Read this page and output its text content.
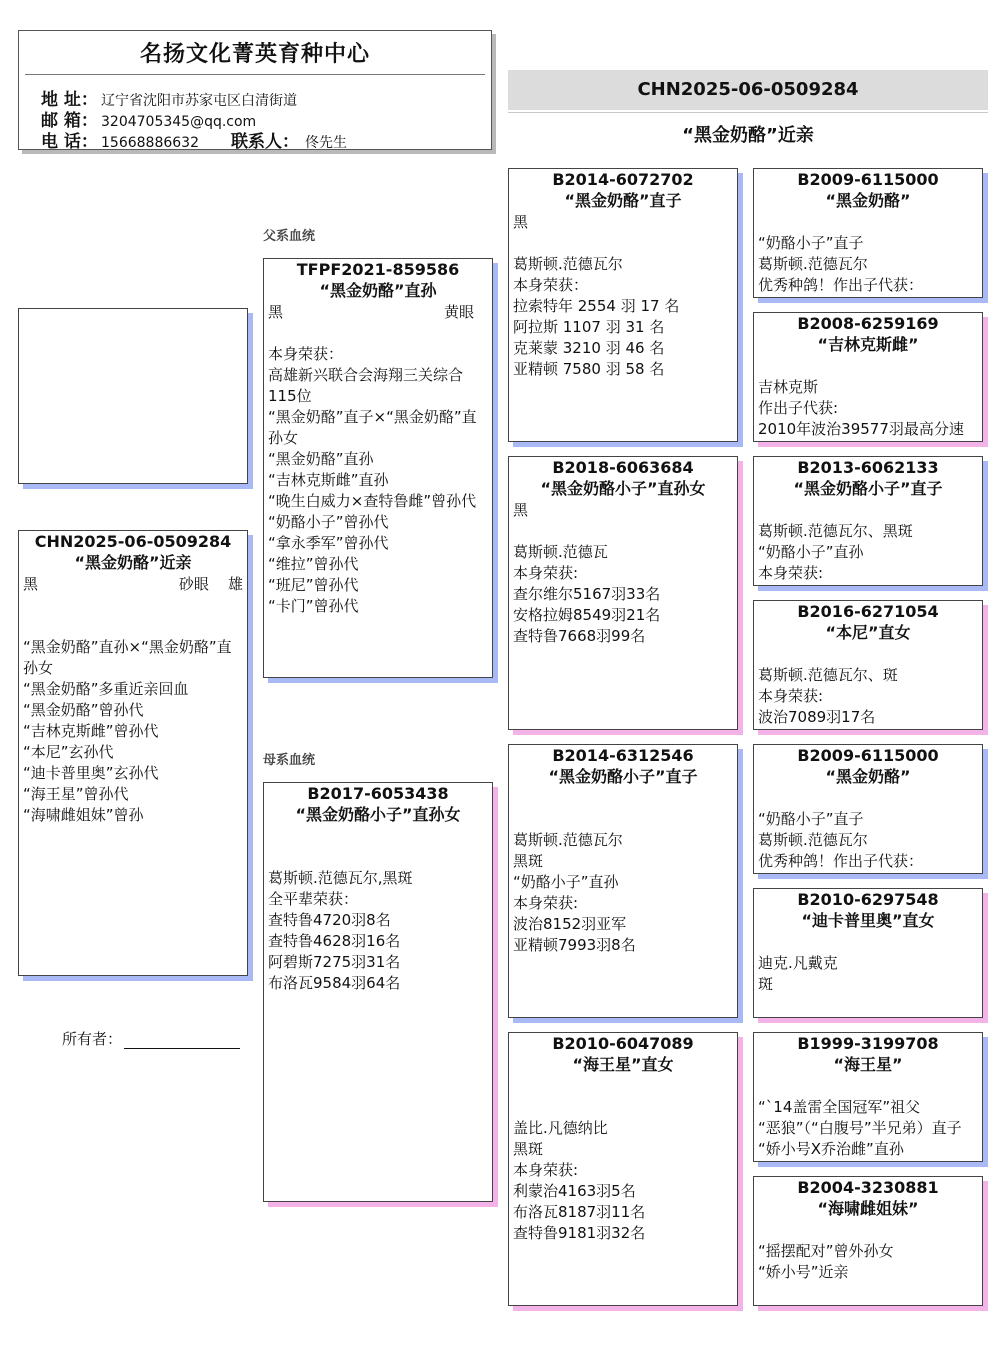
名扬文化菁英育种中心
地 址： 辽宁省沈阳市苏家屯区白清街道
邮 箱： 3204705345@qq.com
电 话： 15668886632 联系人： 佟先生
CHN2025-06-0509284
“黑金奶酪”近亲
CHN2025-06-0509284
“黑金奶酪”近亲
黑	砂眼 雄
“黑金奶酪”直孙×“黑金奶酪”直孙女
“黑金奶酪”多重近亲回血
“黑金奶酪”曾孙代
“吉林克斯雌”曾孙代
“本尼”玄孙代
“迪卡普里奥”玄孙代
“海王星”曾孙代
“海啸雌姐妹”曾孙
所有者：
父系血统
母系血统
TFPF2021-859586
“黑金奶酪”直孙
黑	黄眼
本身荣获：
高雄新兴联合会海翔三关综合115位
“黑金奶酪”直子×“黑金奶酪”直孙女
“黑金奶酪”直孙
“吉林克斯雌”直孙
“晚生白威力×查特鲁雌”曾孙代
“奶酪小子”曾孙代
“拿永季军”曾孙代
“维拉”曾孙代
“班尼”曾孙代
“卡门”曾孙代
B2017-6053438
“黑金奶酪小子”直孙女
葛斯顿.范德瓦尔,黑斑
全平辈荣获：
查特鲁4720羽8名
查特鲁4628羽16名
阿碧斯7275羽31名
布洛瓦9584羽64名
B2014-6072702
“黑金奶酪”直子
黑
葛斯顿.范德瓦尔
本身荣获：
拉索特年 2554 羽 17 名
阿拉斯 1107 羽 31 名
克莱蒙 3210 羽 46 名
亚精顿 7580 羽 58 名
B2018-6063684
“黑金奶酪小子”直孙女
黑
葛斯顿.范德瓦
本身荣获:
查尔维尔5167羽33名
安格拉姆8549羽21名
查特鲁7668羽99名
B2014-6312546
“黑金奶酪小子”直子
葛斯顿.范德瓦尔
黑斑
“奶酪小子”直孙
本身荣获:
波治8152羽亚军
亚精顿7993羽8名
B2010-6047089
“海王星”直女
盖比.凡德纳比
黑斑
本身荣获:
利蒙治4163羽5名
布洛瓦8187羽11名
查特鲁9181羽32名
B2009-6115000
“黑金奶酪”
“奶酪小子”直子
葛斯顿.范德瓦尔
优秀种鸽！作出子代获：
B2008-6259169
“吉林克斯雌”
吉林克斯
作出子代获:
2010年波治39577羽最高分速
B2013-6062133
“黑金奶酪小子”直子
葛斯顿.范德瓦尔、黑斑
“奶酪小子”直孙
本身荣获:
B2016-6271054
“本尼”直女
葛斯顿.范德瓦尔、斑
本身荣获:
波治7089羽17名
B2009-6115000
“黑金奶酪”
“奶酪小子”直子
葛斯顿.范德瓦尔
优秀种鸽！作出子代获：
B2010-6297548
“迪卡普里奥”直女
迪克.凡戴克
斑
B1999-3199708
“海王星”
“`14盖雷全国冠军”祖父
“恶狼”（“白腹号”半兄弟）直子
“娇小号X乔治雌”直孙
B2004-3230881
“海啸雌姐妹”
“摇摆配对”曾外孙女
“娇小号”近亲
